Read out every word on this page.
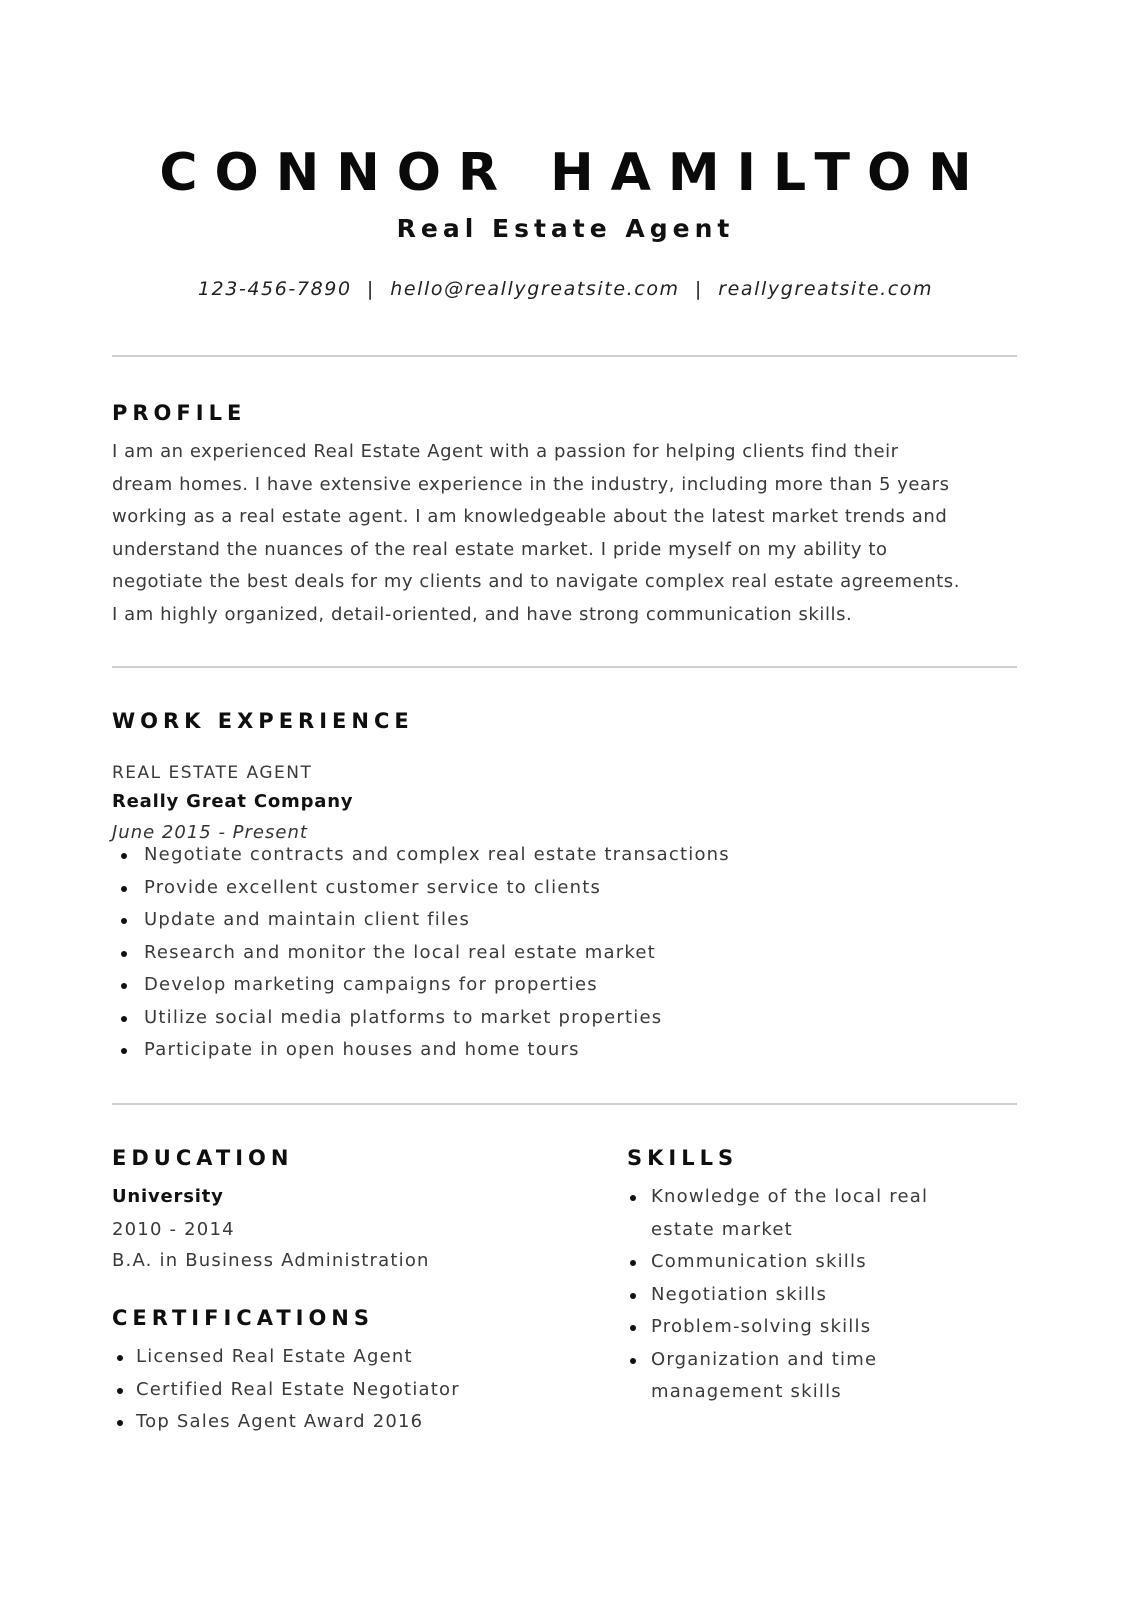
CONNOR HAMILTON
Real Estate Agent
123-456-7890  |  hello@reallygreatsite.com  |  reallygreatsite.com
PROFILE
I am an experienced Real Estate Agent with a passion for helping clients find their
dream homes. I have extensive experience in the industry, including more than 5 years
working as a real estate agent. I am knowledgeable about the latest market trends and
understand the nuances of the real estate market. I pride myself on my ability to
negotiate the best deals for my clients and to navigate complex real estate agreements.
I am highly organized, detail-oriented, and have strong communication skills.
WORK EXPERIENCE
REAL ESTATE AGENT
Really Great Company
June 2015 - Present
Negotiate contracts and complex real estate transactions
Provide excellent customer service to clients
Update and maintain client files
Research and monitor the local real estate market
Develop marketing campaigns for properties
Utilize social media platforms to market properties
Participate in open houses and home tours
EDUCATION
University
2010 - 2014
B.A. in Business Administration
CERTIFICATIONS
Licensed Real Estate Agent
Certified Real Estate Negotiator
Top Sales Agent Award 2016
SKILLS
Knowledge of the local real
estate market
Communication skills
Negotiation skills
Problem-solving skills
Organization and time
management skills
